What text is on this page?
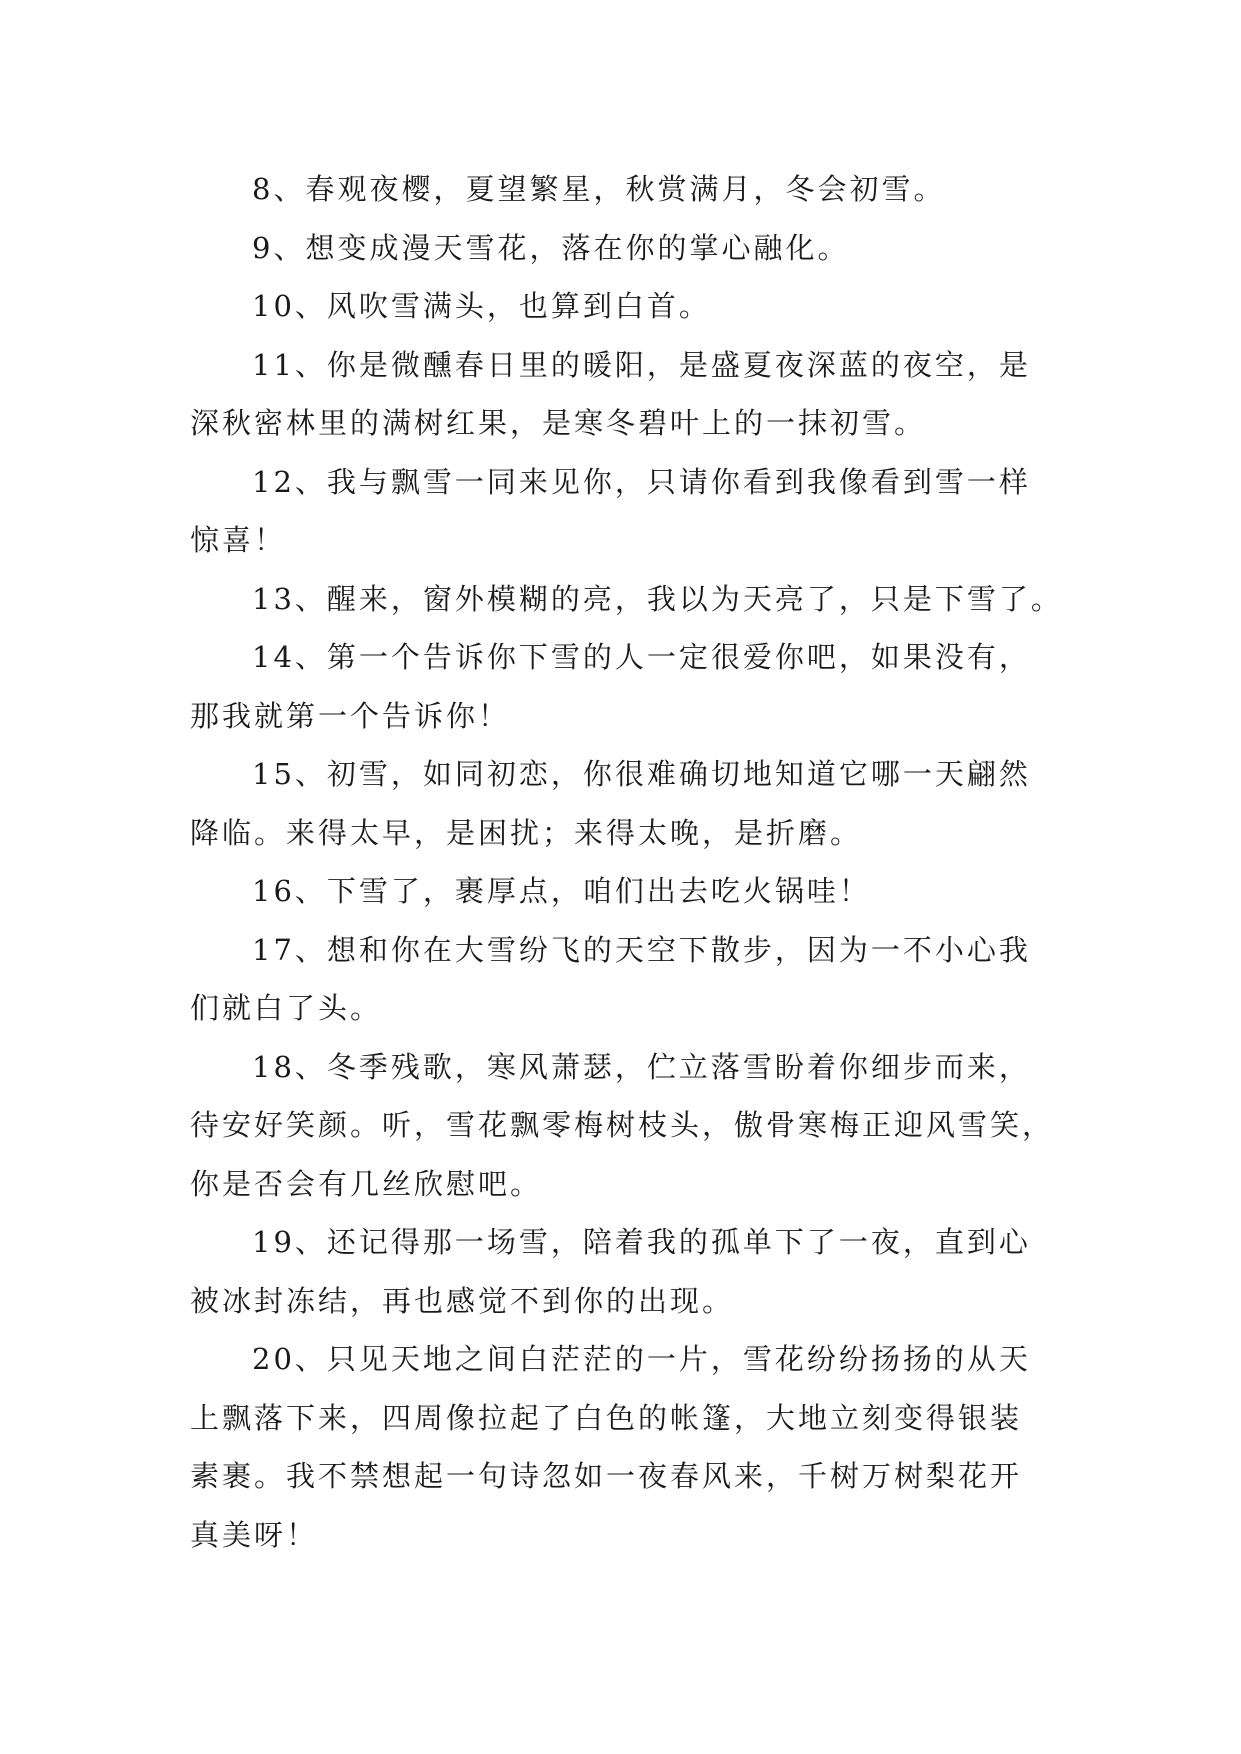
8、春观夜樱，夏望繁星，秋赏满月，冬会初雪。

9、想变成漫天雪花，落在你的掌心融化。

10、风吹雪满头，也算到白首。

11、你是微醺春日里的暖阳，是盛夏夜深蓝的夜空，是
深秋密林里的满树红果，是寒冬碧叶上的一抹初雪。

12、我与飘雪一同来见你，只请你看到我像看到雪一样
惊喜！

13、醒来，窗外模糊的亮，我以为天亮了，只是下雪了。

14、第一个告诉你下雪的人一定很爱你吧，如果没有，
那我就第一个告诉你！

15、初雪，如同初恋，你很难确切地知道它哪一天翩然
降临。来得太早，是困扰；来得太晚，是折磨。

16、下雪了，裹厚点，咱们出去吃火锅哇！

17、想和你在大雪纷飞的天空下散步，因为一不小心我
们就白了头。

18、冬季残歌，寒风萧瑟，伫立落雪盼着你细步而来，
待安好笑颜。听，雪花飘零梅树枝头，傲骨寒梅正迎风雪笑，
你是否会有几丝欣慰吧。

19、还记得那一场雪，陪着我的孤单下了一夜，直到心
被冰封冻结，再也感觉不到你的出现。

20、只见天地之间白茫茫的一片，雪花纷纷扬扬的从天
上飘落下来，四周像拉起了白色的帐篷，大地立刻变得银装
素裹。我不禁想起一句诗忽如一夜春风来，千树万树梨花开
真美呀！
